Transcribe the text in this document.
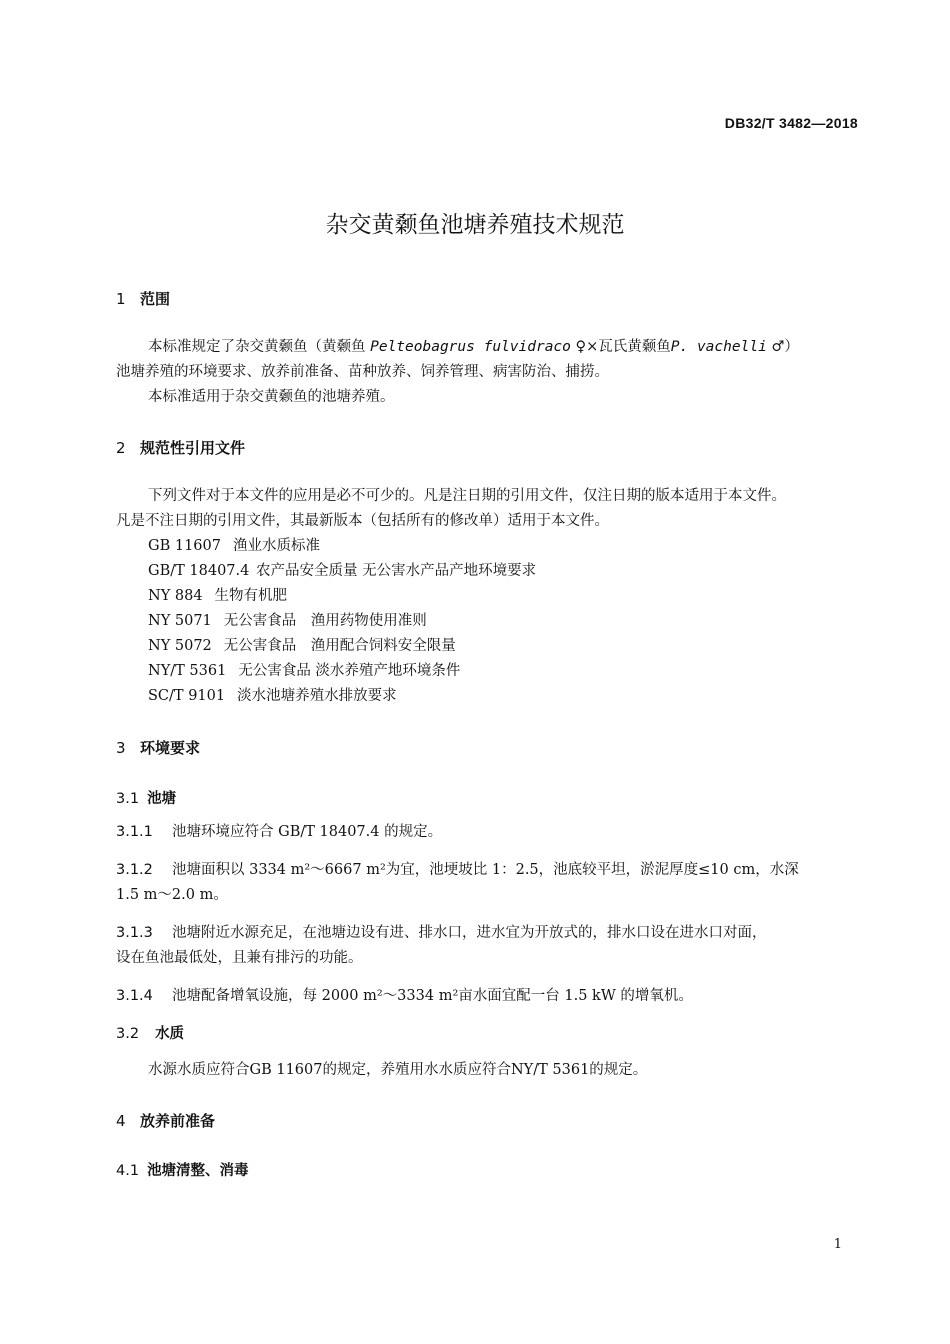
DB32/T 3482—2018
杂交黄颡鱼池塘养殖技术规范
1 范围
本标准规定了杂交黄颡鱼（黄颡鱼 Pelteobagrus fulvidraco ♀×瓦氏黄颡鱼P. vachelli ♂）
池塘养殖的环境要求、放养前准备、苗种放养、饲养管理、病害防治、捕捞。
本标准适用于杂交黄颡鱼的池塘养殖。
2 规范性引用文件
下列文件对于本文件的应用是必不可少的。凡是注日期的引用文件，仅注日期的版本适用于本文件。
凡是不注日期的引用文件，其最新版本（包括所有的修改单）适用于本文件。
GB 11607 渔业水质标准
GB/T 18407.4 农产品安全质量 无公害水产品产地环境要求
NY 884 生物有机肥
NY 5071 无公害食品　渔用药物使用准则
NY 5072 无公害食品　渔用配合饲料安全限量
NY/T 5361 无公害食品 淡水养殖产地环境条件
SC/T 9101 淡水池塘养殖水排放要求
3 环境要求
3.1 池塘
3.1.1 池塘环境应符合 GB/T 18407.4 的规定。
3.1.2 池塘面积以 3334 m²～6667 m²为宜，池埂坡比 1：2.5，池底较平坦，淤泥厚度≤10 cm，水深
1.5 m～2.0 m。
3.1.3 池塘附近水源充足，在池塘边设有进、排水口，进水宜为开放式的，排水口设在进水口对面，
设在鱼池最低处，且兼有排污的功能。
3.1.4 池塘配备增氧设施，每 2000 m²～3334 m²亩水面宜配一台 1.5 kW 的增氧机。
3.2 水质
水源水质应符合GB 11607的规定，养殖用水水质应符合NY/T 5361的规定。
4 放养前准备
4.1 池塘清整、消毒
1
